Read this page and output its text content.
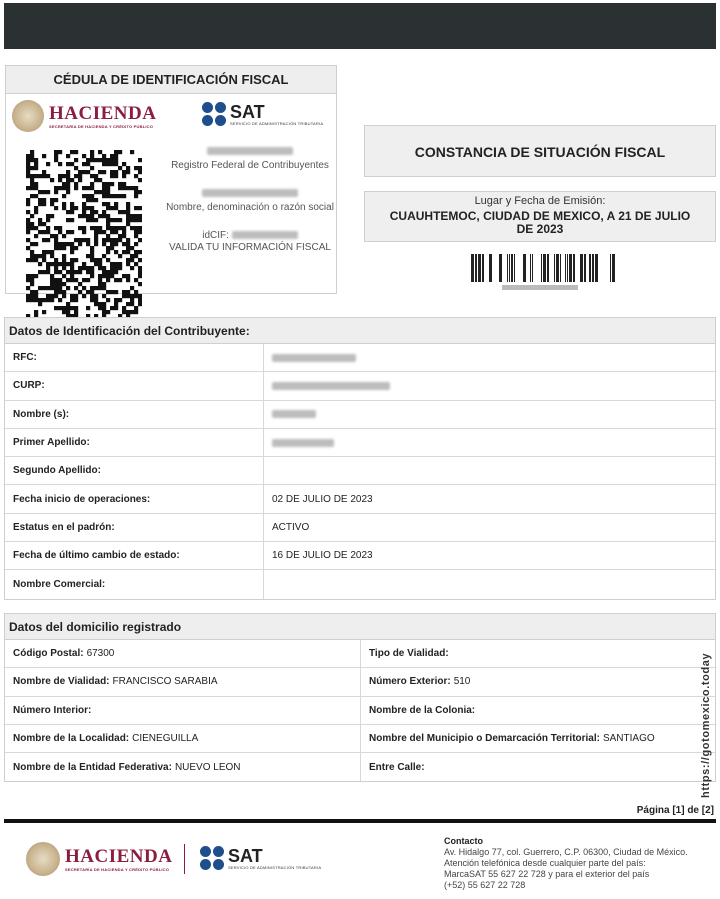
CÉDULA DE IDENTIFICACIÓN FISCAL
HACIENDA
SECRETARÍA DE HACIENDA Y CRÉDITO PÚBLICO
SAT
SERVICIO DE ADMINISTRACIÓN TRIBUTARIA
Registro Federal de Contribuyentes
Nombre, denominación o razón social
idCIF:
VALIDA TU INFORMACIÓN FISCAL
CONSTANCIA DE SITUACIÓN FISCAL
Lugar y Fecha de Emisión:
CUAUHTEMOC, CIUDAD DE MEXICO, A 21 DE JULIO DE 2023
Datos de Identificación del Contribuyente:
RFC:
CURP:
Nombre (s):
Primer Apellido:
Segundo Apellido:
Fecha inicio de operaciones:	02 DE JULIO DE 2023
Estatus en el padrón:	ACTIVO
Fecha de último cambio de estado:	16 DE JULIO DE 2023
Nombre Comercial:
Datos del domicilio registrado
Código Postal: 67300	Tipo de Vialidad:
Nombre de Vialidad: FRANCISCO SARABIA	Número Exterior: 510
Número Interior:	Nombre de la Colonia:
Nombre de la Localidad: CIENEGUILLA	Nombre del Municipio o Demarcación Territorial: SANTIAGO
Nombre de la Entidad Federativa: NUEVO LEON	Entre Calle:	https://gotomexico.today
Página [1] de [2]
HACIENDA
SECRETARÍA DE HACIENDA Y CRÉDITO PÚBLICO
SAT
SERVICIO DE ADMINISTRACIÓN TRIBUTARIA
Contacto
Av. Hidalgo 77, col. Guerrero, C.P. 06300, Ciudad de México.
Atención telefónica desde cualquier parte del país:
MarcaSAT 55 627 22 728 y para el exterior del país
(+52) 55 627 22 728
